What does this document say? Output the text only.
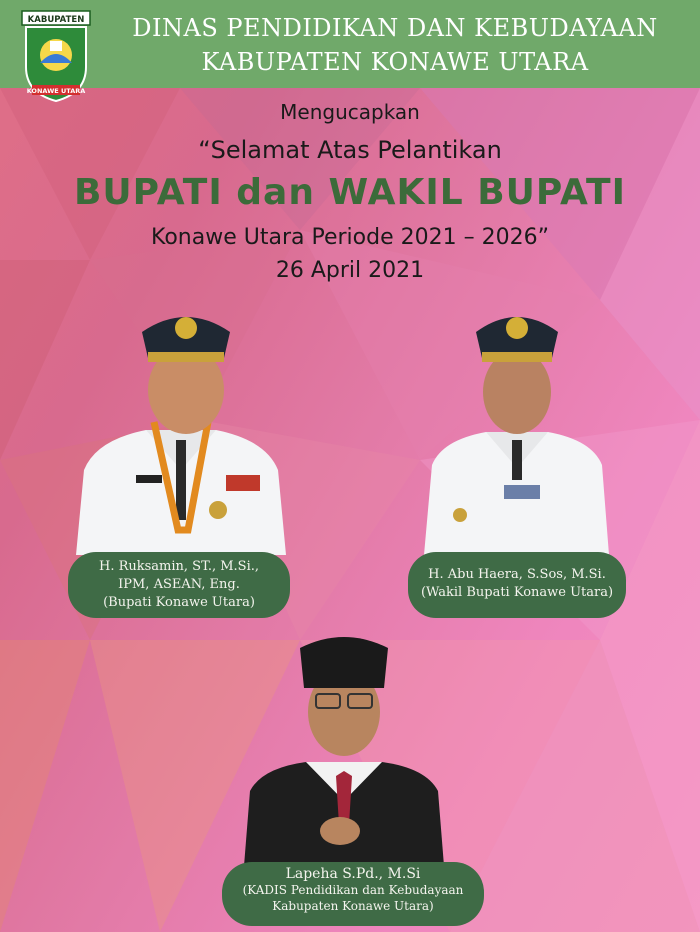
KABUPATEN
KONAWE UTARA
DINAS PENDIDIKAN DAN KEBUDAYAAN
KABUPATEN KONAWE UTARA
Mengucapkan
“Selamat Atas Pelantikan
BUPATI dan WAKIL BUPATI
Konawe Utara Periode 2021 – 2026”
26 April 2021
H. Ruksamin, ST., M.Si.,
IPM, ASEAN, Eng.
(Bupati Konawe Utara)
H. Abu Haera, S.Sos, M.Si.
(Wakil Bupati Konawe Utara)
Lapeha S.Pd., M.Si
(KADIS Pendidikan dan Kebudayaan
Kabupaten Konawe Utara)
